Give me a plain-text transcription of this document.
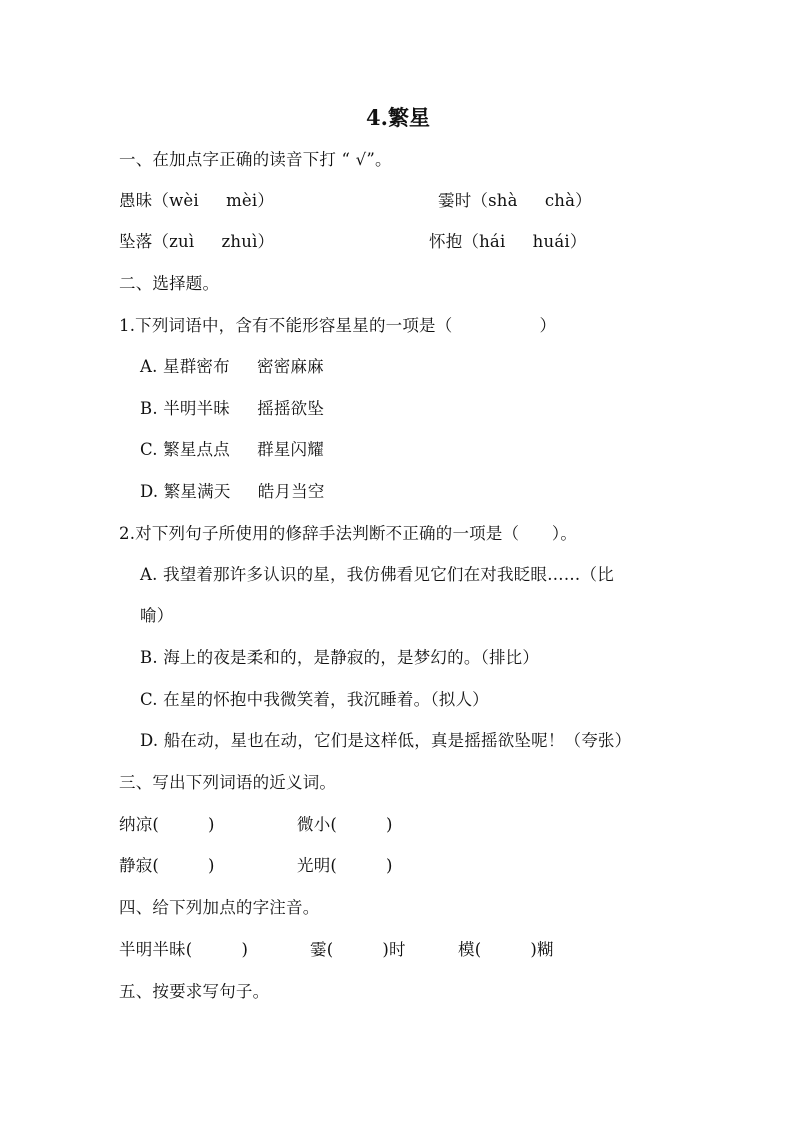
4.繁星
一、在加点字正确的读音下打 “ √”。
愚昧（wèi     mèi）	霎时（shà     chà）
坠落（zuì     zhuì）	怀抱（hái     huái）
二、选择题。
1.下列词语中，含有不能形容星星的一项是（                ）
A. 星群密布     密密麻麻
B. 半明半昧     摇摇欲坠
C. 繁星点点     群星闪耀
D. 繁星满天     皓月当空
2.对下列句子所使用的修辞手法判断不正确的一项是（      ）。
A. 我望着那许多认识的星，我仿佛看见它们在对我眨眼……（比
喻）
B. 海上的夜是柔和的，是静寂的，是梦幻的。（排比）
C. 在星的怀抱中我微笑着，我沉睡着。（拟人）
D. 船在动，星也在动，它们是这样低，真是摇摇欲坠呢！（夸张）
三、写出下列词语的近义词。
纳凉(         )	微小(         )
静寂(         )	光明(         )
四、给下列加点的字注音。
半明半昧(         )	霎(         )时	模(         )糊
五、按要求写句子。
